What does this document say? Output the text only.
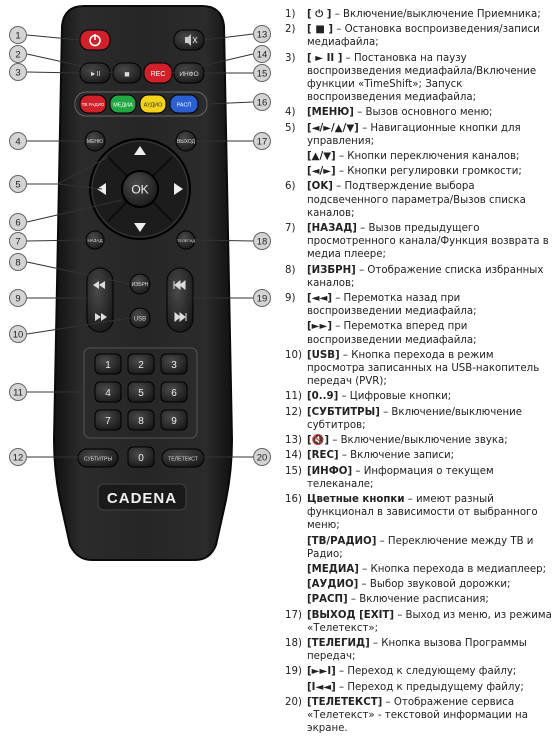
►II	■	REC ИНФО
ТВ РАДИО МЕДИА АУДИО	РАСП
МЕНЮ	ВЫХОД
OK
НАЗАД	ТЕЛЕГИД
ИЗБРН
USB
1	2	3
4	5	6
7	8	9
СУБТИТРЫ	0	ТЕЛЕТЕКСТ
CADENA
1
2
3
4
5
6
7
8
9
10
11
12
13
14
15
16
17
18
19
20
1)	[ ⏻ ] – Включение/выключение Приемника;
2)	[ ■ ] – Остановка воспроизведения/записи медиафайла;
3)	[ ► II ] – Постановка на паузу воспроизведения медиафайла/Включение функции «TimeShift»; Запуск воспроизведения медиафайла;
4)	[МЕНЮ] – Вызов основного меню;
5)	[◄/►/▲/▼] – Навигационные кнопки для управления;
[▲/▼] – Кнопки переключения каналов;
[◄/►] – Кнопки регулировки громкости;
6)	[OK] – Подтверждение выбора подсвеченного параметра/Вызов списка каналов;
7)	[НАЗАД] – Вызов предыдущего просмотренного канала/Функция возврата в медиа плеере;
8)	[ИЗБРН] – Отображение списка избранных каналов;
9)	[◄◄] – Перемотка назад при воспроизведении медиафайла;
[►►] – Перемотка вперед при воспроизведении медиафайла;
10) [USB] – Кнопка перехода в режим просмотра записанных на USB-накопитель передач (PVR);
11) [0..9] – Цифровые кнопки;
12) [СУБТИТРЫ] – Включение/выключение субтитров;
13) [🔇] – Включение/выключение звука;
14) [REC] – Включение записи;
15) [ИНФО] – Информация о текущем телеканале;
16) Цветные кнопки – имеют разный функционал в зависимости от выбранного меню;
[ТВ/РАДИО] – Переключение между ТВ и Радио;
[МЕДИА] – Кнопка перехода в медиаплеер;
[АУДИО] – Выбор звуковой дорожки;
[РАСП] – Включение расписания;
17) [ВЫХОД [EXIT] – Выход из меню, из режима «Телетекст»;
18) [ТЕЛЕГИД] – Кнопка вызова Программы передач;
19) [►►I] – Переход к следующему файлу;
[I◄◄] – Переход к предыдущему файлу;
20) [ТЕЛЕТЕКСТ] – Отображение сервиса «Телетекст» - текстовой информации на экране.
